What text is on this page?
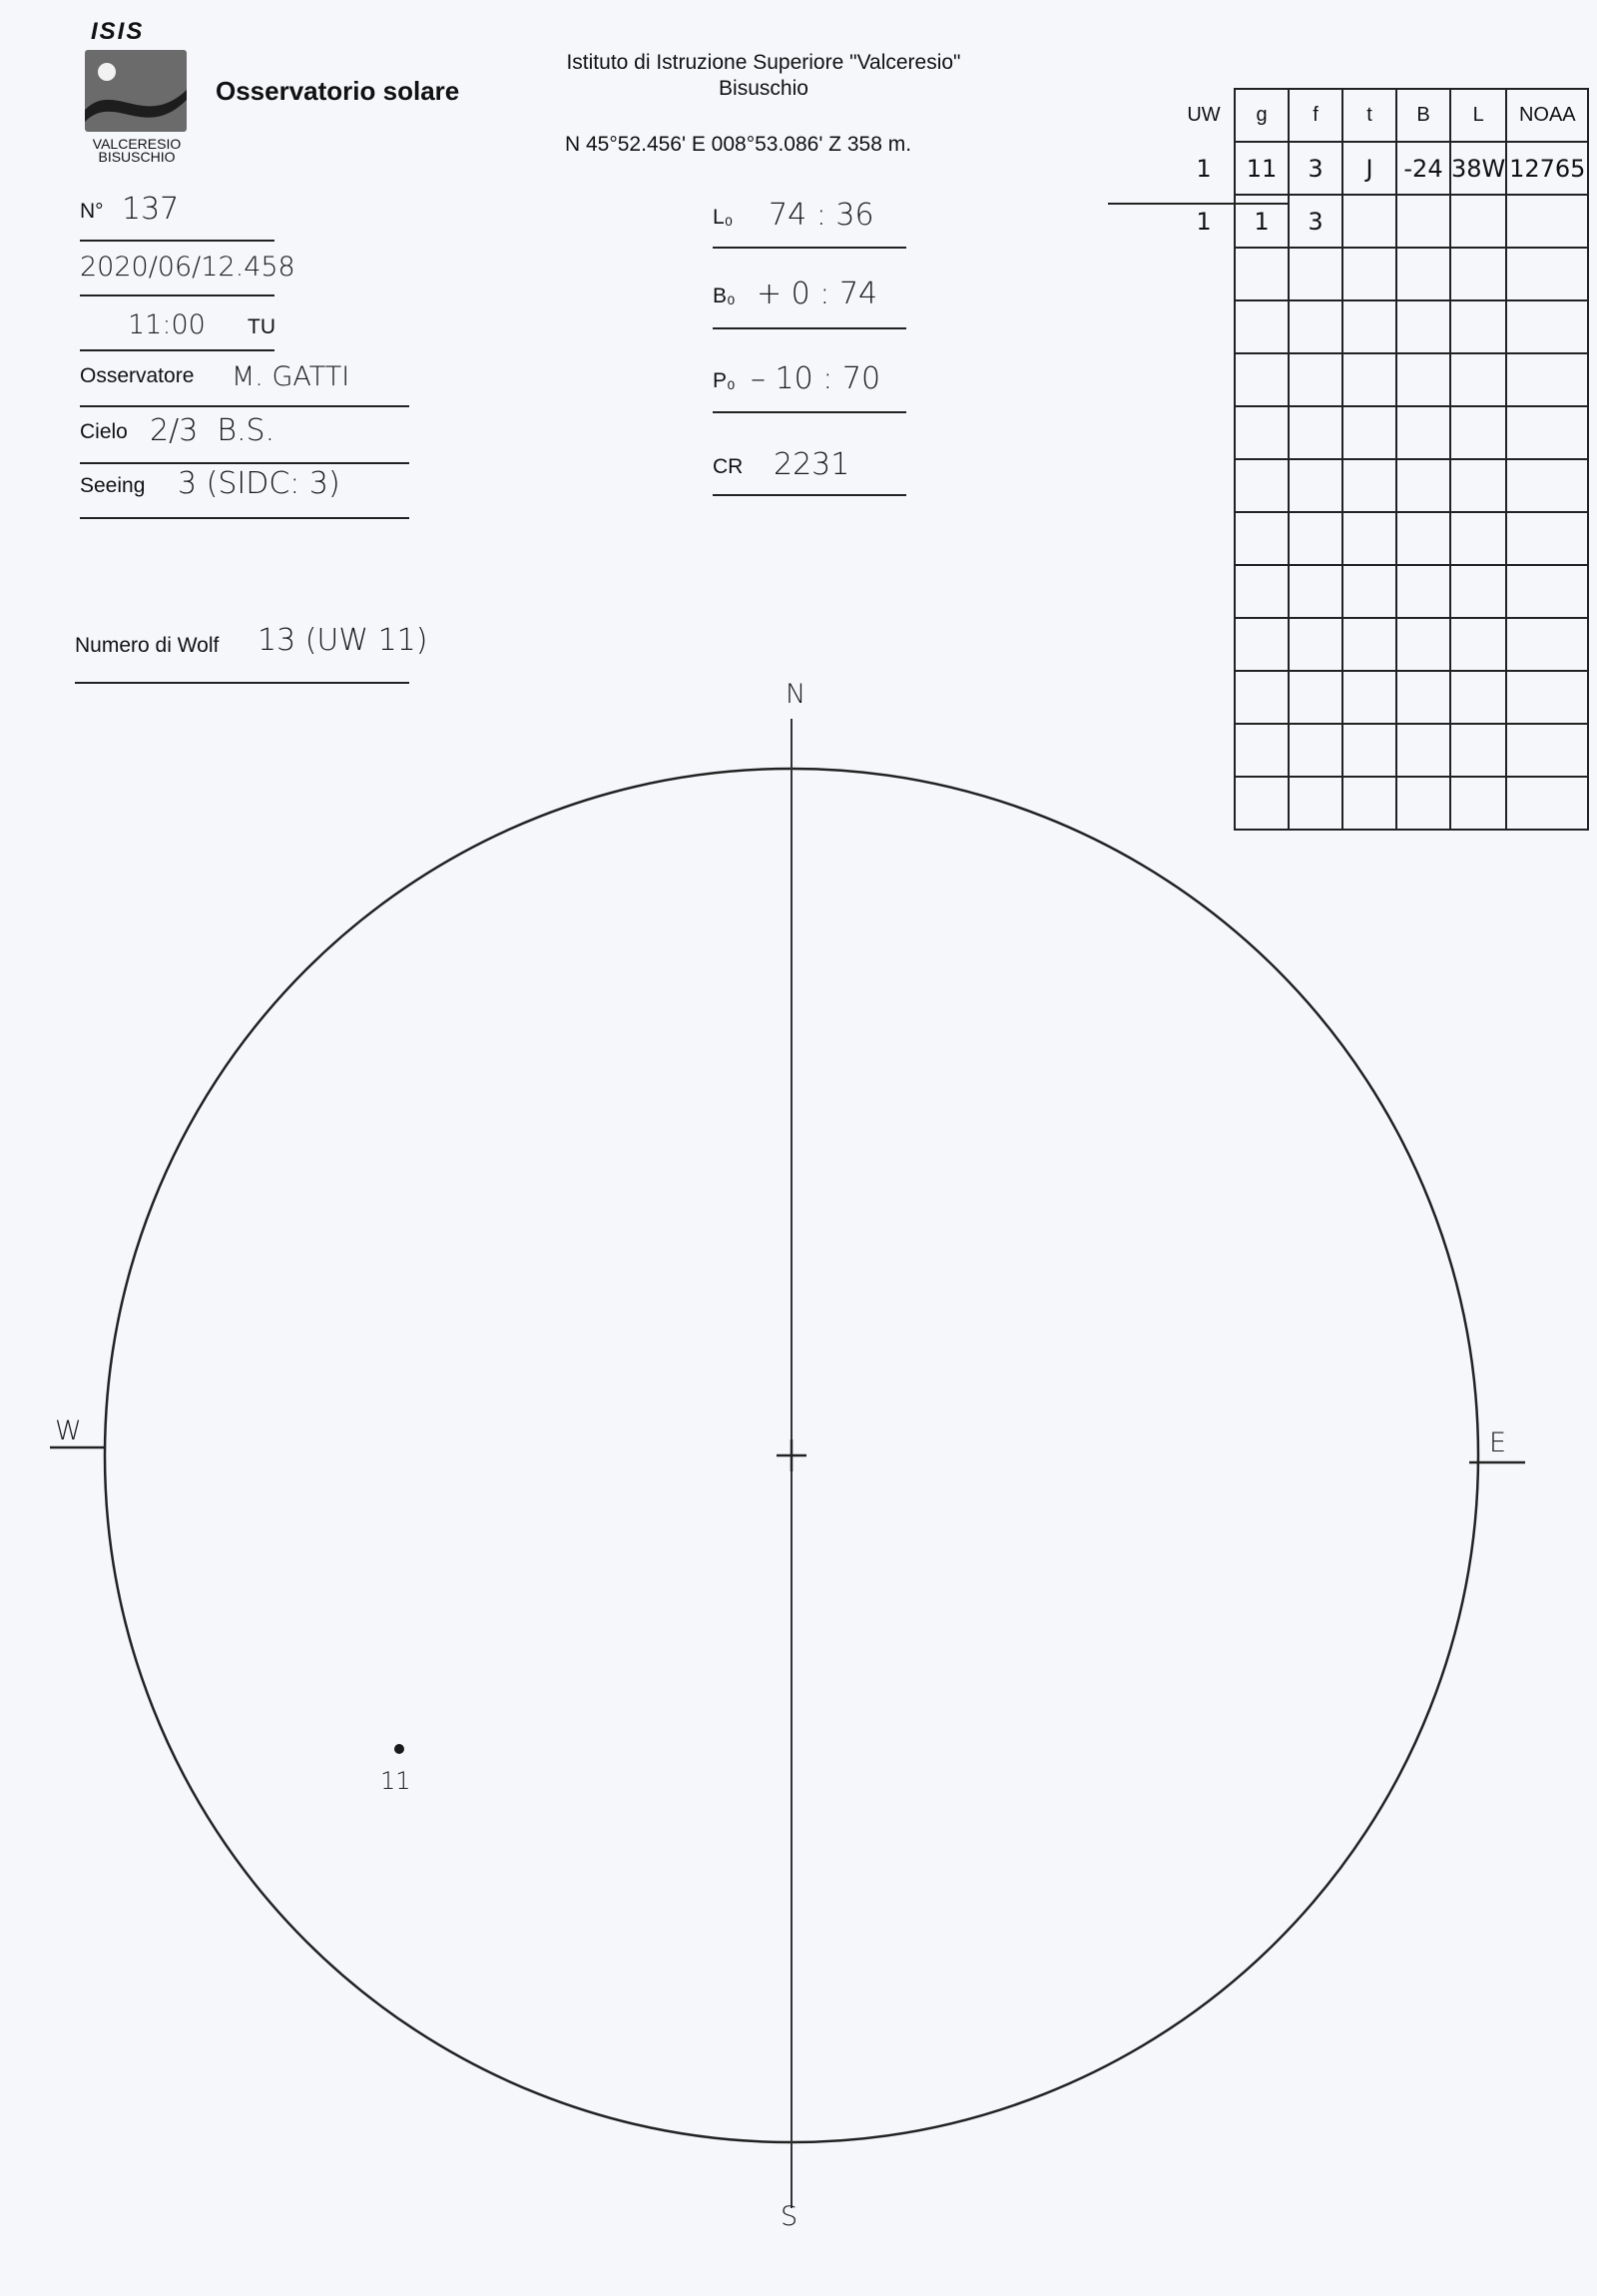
ISIS
VALCERESIO
BISUSCHIO
Osservatorio solare
Istituto di Istruzione Superiore "Valceresio"
Bisuschio
N 45°52.456' E 008°53.086' Z 358 m.
N° 137
2020/06/12.458
11:00 TU
Osservatore M. GATTI
Cielo 2/3  B.S.
Seeing 3 (SIDC: 3)
Numero di Wolf 13 (UW 11)
L₀ 74 : 36
B₀ + 0 : 74
P₀ – 10 : 70
CR 2231
UW	g	f	t	B	L	NOAA
1	11	3	J	-24	38W	12765
1	1	3				

N
S
W	E
11
